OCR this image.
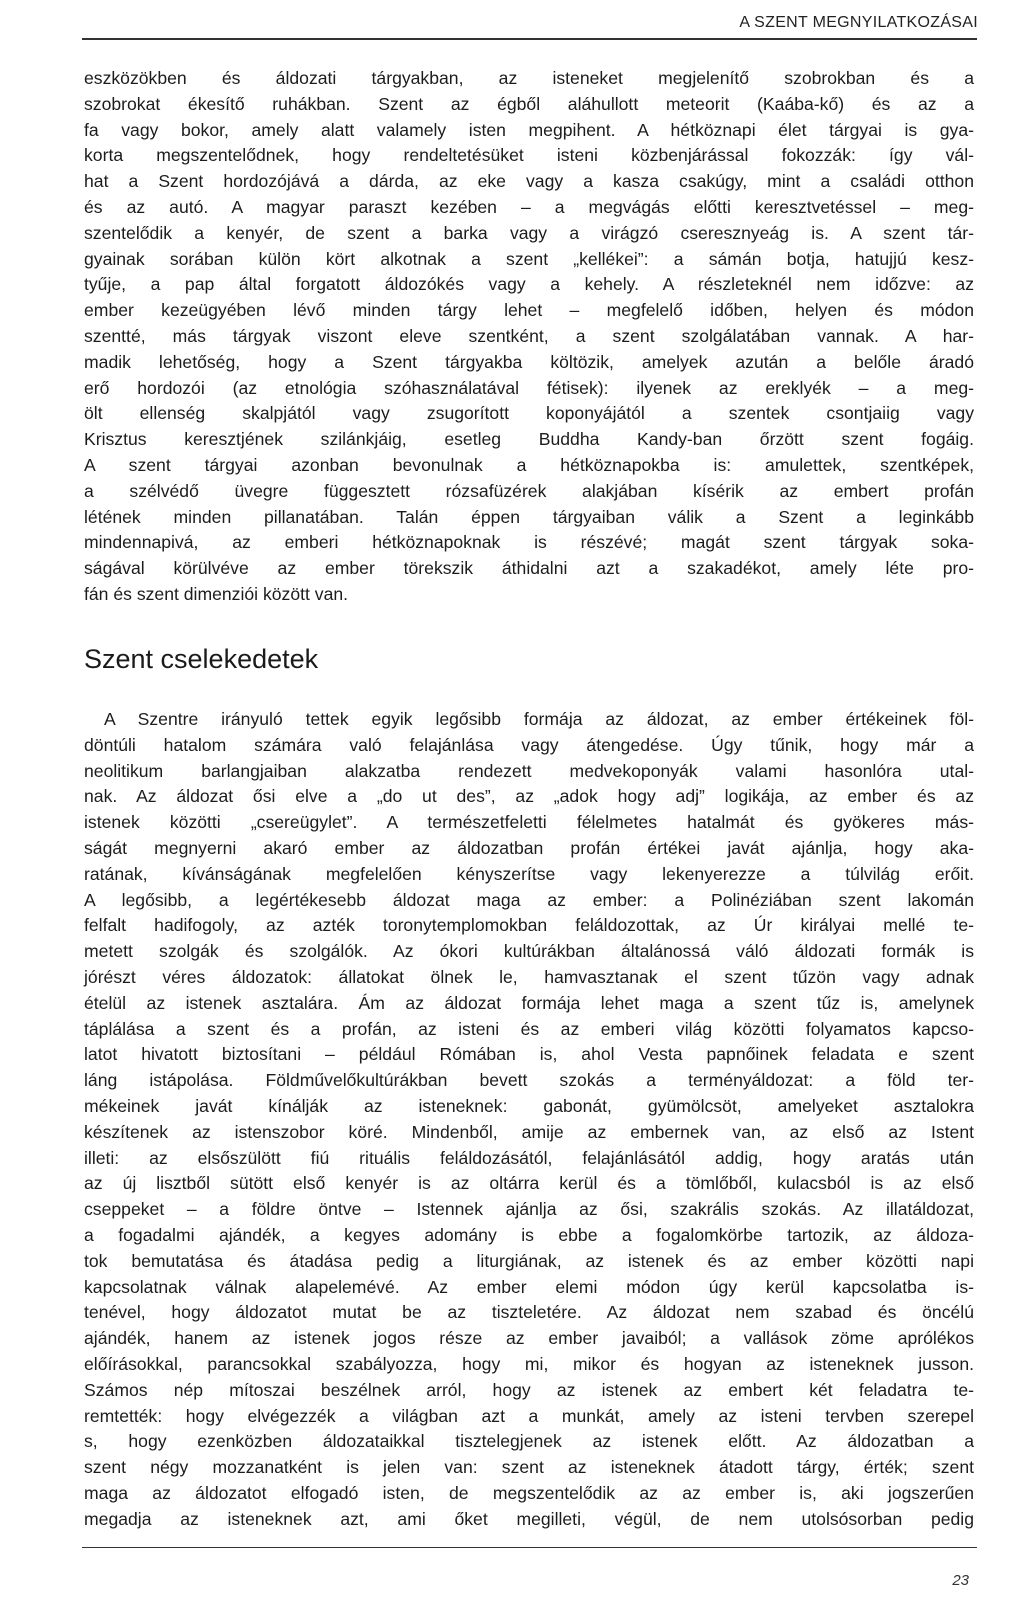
A SZENT MEGNYILATKOZÁSAI

eszközökben és áldozati tárgyakban, az isteneket megjelenítő szobrokban és a
szobrokat ékesítő ruhákban. Szent az égből aláhullott meteorit (Kaába-kő) és az a
fa vagy bokor, amely alatt valamely isten megpihent. A hétköznapi élet tárgyai is gya-
korta megszentelődnek, hogy rendeltetésüket isteni közbenjárással fokozzák: így vál-
hat a Szent hordozójává a dárda, az eke vagy a kasza csakúgy, mint a családi otthon
és az autó. A magyar paraszt kezében – a megvágás előtti keresztvetéssel – meg-
szentelődik a kenyér, de szent a barka vagy a virágzó cseresznyeág is. A szent tár-
gyainak sorában külön kört alkotnak a szent „kellékei”: a sámán botja, hatujjú kesz-
tyűje, a pap által forgatott áldozókés vagy a kehely. A részleteknél nem időzve: az
ember kezeügyében lévő minden tárgy lehet – megfelelő időben, helyen és módon
szentté, más tárgyak viszont eleve szentként, a szent szolgálatában vannak. A har-
madik lehetőség, hogy a Szent tárgyakba költözik, amelyek azután a belőle áradó
erő hordozói (az etnológia szóhasználatával fétisek): ilyenek az ereklyék – a meg-
ölt ellenség skalpjától vagy zsugorított koponyájától a szentek csontjaiig vagy
Krisztus keresztjének szilánkjáig, esetleg Buddha Kandy-ban őrzött szent fogáig.
A szent tárgyai azonban bevonulnak a hétköznapokba is: amulettek, szentképek,
a szélvédő üvegre függesztett rózsafüzérek alakjában kísérik az embert profán
létének minden pillanatában. Talán éppen tárgyaiban válik a Szent a leginkább
mindennapivá, az emberi hétköznapoknak is részévé; magát szent tárgyak soka-
ságával körülvéve az ember törekszik áthidalni azt a szakadékot, amely léte pro-
fán és szent dimenziói között van.

Szent cselekedetek

A Szentre irányuló tettek egyik legősibb formája az áldozat, az ember értékeinek föl-
döntúli hatalom számára való felajánlása vagy átengedése. Úgy tűnik, hogy már a
neolitikum barlangjaiban alakzatba rendezett medvekoponyák valami hasonlóra utal-
nak. Az áldozat ősi elve a „do ut des”, az „adok hogy adj” logikája, az ember és az
istenek közötti „csereügylet”. A természetfeletti félelmetes hatalmát és gyökeres más-
ságát megnyerni akaró ember az áldozatban profán értékei javát ajánlja, hogy aka-
ratának, kívánságának megfelelően kényszerítse vagy lekenyerezze a túlvilág erőit.
A legősibb, a legértékesebb áldozat maga az ember: a Polinéziában szent lakomán
felfalt hadifogoly, az azték toronytemplomokban feláldozottak, az Úr királyai mellé te-
metett szolgák és szolgálók. Az ókori kultúrákban általánossá váló áldozati formák is
jórészt véres áldozatok: állatokat ölnek le, hamvasztanak el szent tűzön vagy adnak
ételül az istenek asztalára. Ám az áldozat formája lehet maga a szent tűz is, amelynek
táplálása a szent és a profán, az isteni és az emberi világ közötti folyamatos kapcso-
latot hivatott biztosítani – például Rómában is, ahol Vesta papnőinek feladata e szent
láng istápolása. Földművelőkultúrákban bevett szokás a terményáldozat: a föld ter-
mékeinek javát kínálják az isteneknek: gabonát, gyümölcsöt, amelyeket asztalokra
készítenek az istenszobor köré. Mindenből, amije az embernek van, az első az Istent
illeti: az elsőszülött fiú rituális feláldozásától, felajánlásától addig, hogy aratás után
az új lisztből sütött első kenyér is az oltárra kerül és a tömlőből, kulacsból is az első
cseppeket – a földre öntve – Istennek ajánlja az ősi, szakrális szokás. Az illatáldozat,
a fogadalmi ajándék, a kegyes adomány is ebbe a fogalomkörbe tartozik, az áldoza-
tok bemutatása és átadása pedig a liturgiának, az istenek és az ember közötti napi
kapcsolatnak válnak alapelemévé. Az ember elemi módon úgy kerül kapcsolatba is-
tenével, hogy áldozatot mutat be az tiszteletére. Az áldozat nem szabad és öncélú
ajándék, hanem az istenek jogos része az ember javaiból; a vallások zöme aprólékos
előírásokkal, parancsokkal szabályozza, hogy mi, mikor és hogyan az isteneknek jusson.
Számos nép mítoszai beszélnek arról, hogy az istenek az embert két feladatra te-
remtették: hogy elvégezzék a világban azt a munkát, amely az isteni tervben szerepel
s, hogy ezenközben áldozataikkal tisztelegjenek az istenek előtt. Az áldozatban a
szent négy mozzanatként is jelen van: szent az isteneknek átadott tárgy, érték; szent
maga az áldozatot elfogadó isten, de megszentelődik az az ember is, aki jogszerűen
megadja az isteneknek azt, ami őket megilleti, végül, de nem utolsósorban pedig

23
